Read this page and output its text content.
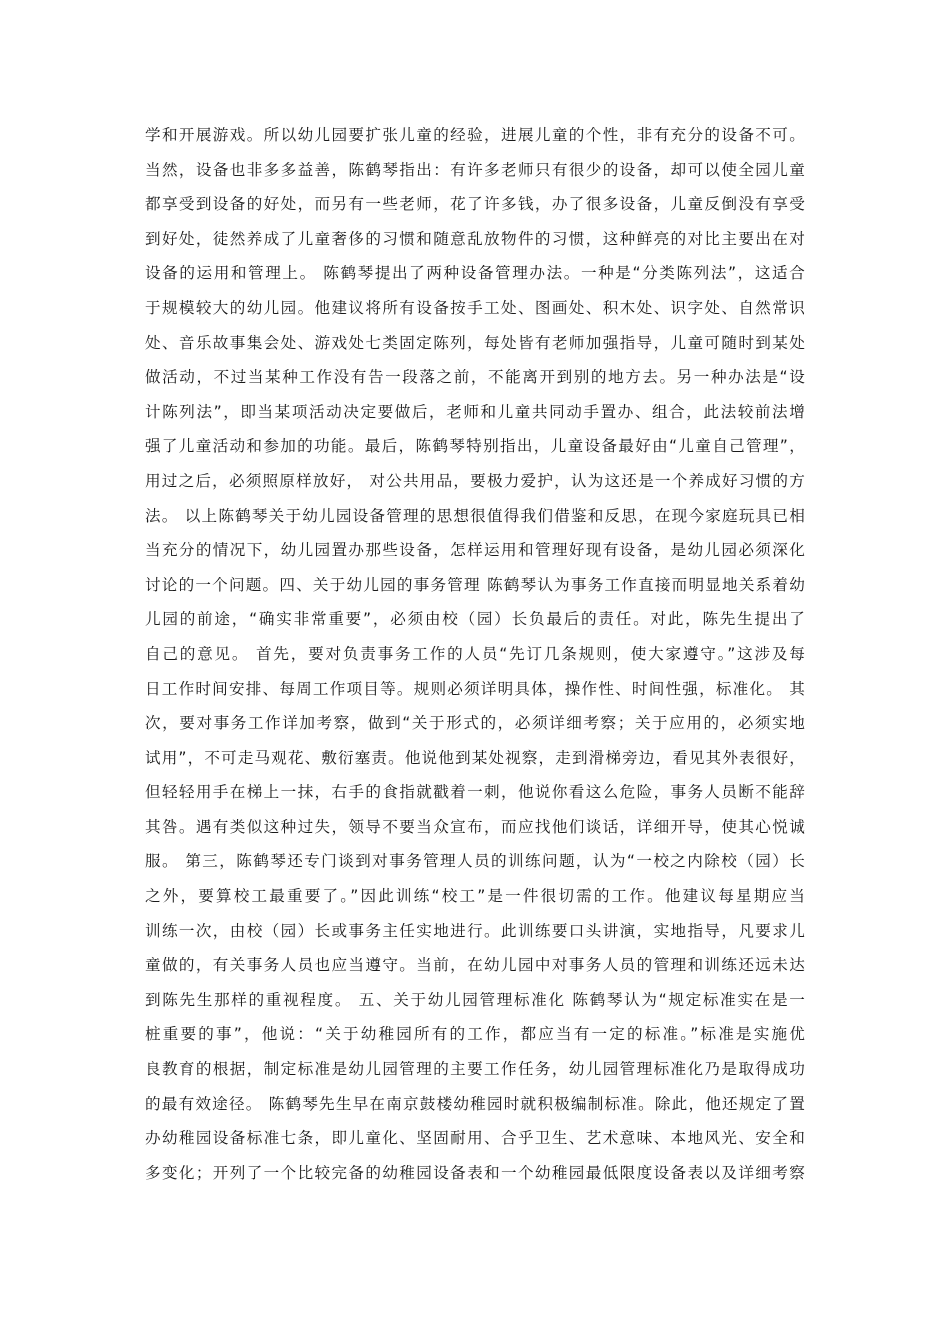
学和开展游戏。所以幼儿园要扩张儿童的经验，进展儿童的个性，非有充分的设备不可。
当然，设备也非多多益善，陈鹤琴指出：有许多老师只有很少的设备，却可以使全园儿童
都享受到设备的好处，而另有一些老师，花了许多钱，办了很多设备，儿童反倒没有享受
到好处，徒然养成了儿童奢侈的习惯和随意乱放物件的习惯，这种鲜亮的对比主要出在对
设备的运用和管理上。 陈鹤琴提出了两种设备管理办法。一种是“分类陈列法”，这适合
于规模较大的幼儿园。他建议将所有设备按手工处、图画处、积木处、识字处、自然常识
处、音乐故事集会处、游戏处七类固定陈列，每处皆有老师加强指导，儿童可随时到某处
做活动，不过当某种工作没有告一段落之前，不能离开到别的地方去。另一种办法是“设
计陈列法”，即当某项活动决定要做后，老师和儿童共同动手置办、组合，此法较前法增
强了儿童活动和参加的功能。最后，陈鹤琴特别指出，儿童设备最好由“儿童自己管理”，
用过之后，必须照原样放好， 对公共用品，要极力爱护，认为这还是一个养成好习惯的方
法。 以上陈鹤琴关于幼儿园设备管理的思想很值得我们借鉴和反思，在现今家庭玩具已相
当充分的情况下，幼儿园置办那些设备，怎样运用和管理好现有设备，是幼儿园必须深化
讨论的一个问题。四、关于幼儿园的事务管理 陈鹤琴认为事务工作直接而明显地关系着幼
儿园的前途，“确实非常重要”，必须由校（园）长负最后的责任。对此，陈先生提出了
自己的意见。 首先，要对负责事务工作的人员“先订几条规则，使大家遵守。”这涉及每
日工作时间安排、每周工作项目等。规则必须详明具体，操作性、时间性强，标准化。 其
次，要对事务工作详加考察，做到“关于形式的，必须详细考察；关于应用的，必须实地
试用”，不可走马观花、敷衍塞责。他说他到某处视察，走到滑梯旁边，看见其外表很好，
但轻轻用手在梯上一抹，右手的食指就戳着一刺，他说你看这么危险，事务人员断不能辞
其咎。遇有类似这种过失，领导不要当众宣布，而应找他们谈话，详细开导，使其心悦诚
服。 第三，陈鹤琴还专门谈到对事务管理人员的训练问题，认为“一校之内除校（园）长
之外，要算校工最重要了。”因此训练“校工”是一件很切需的工作。他建议每星期应当
训练一次，由校（园）长或事务主任实地进行。此训练要口头讲演，实地指导，凡要求儿
童做的，有关事务人员也应当遵守。当前，在幼儿园中对事务人员的管理和训练还远未达
到陈先生那样的重视程度。 五、关于幼儿园管理标准化 陈鹤琴认为“规定标准实在是一
桩重要的事”，他说：“关于幼稚园所有的工作，都应当有一定的标准。”标准是实施优
良教育的根据，制定标准是幼儿园管理的主要工作任务，幼儿园管理标准化乃是取得成功
的最有效途径。 陈鹤琴先生早在南京鼓楼幼稚园时就积极编制标准。除此，他还规定了置
办幼稚园设备标准七条，即儿童化、坚固耐用、合乎卫生、艺术意味、本地风光、安全和
多变化；开列了一个比较完备的幼稚园设备表和一个幼稚园最低限度设备表以及详细考察
